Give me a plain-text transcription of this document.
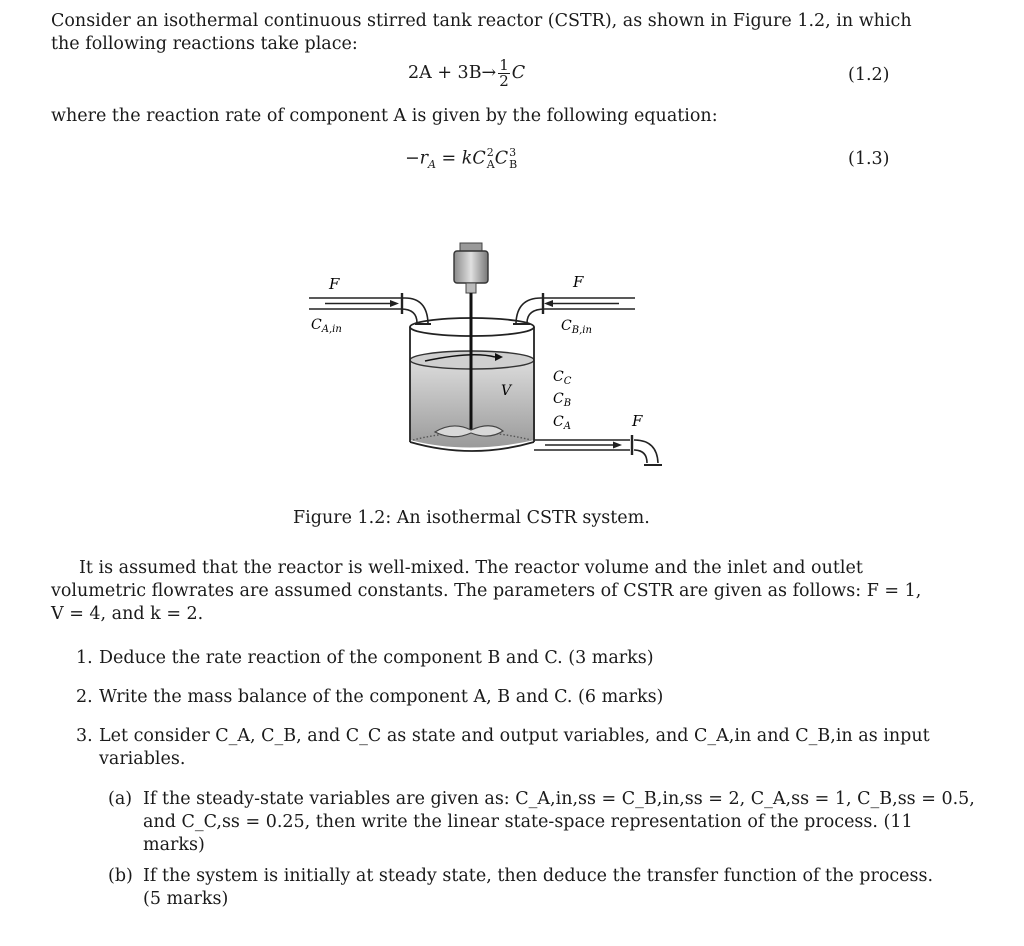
Consider an isothermal continuous stirred tank reactor (CSTR), as shown in Figure 1.2, in which
the following reactions take place:
$2A + 3B\to \frac{1}{2}$ C	(1.2)
where the reaction rate of component A is given by the following equation:
$-r_A$ = kC 2
A C 3
B	(1.3)
F
$C_{A,in}$
F
$C_{B,in}$
$C_C$
$C_B$
$C_A$
V
F
Figure 1.2: An isothermal CSTR system.
It is assumed that the reactor is well-mixed. The reactor volume and the inlet and outlet
volumetric flowrates are assumed constants. The parameters of CSTR are given as follows: F = 1,
V = 4, and k = 2.
1. Deduce the rate reaction of the component B and C. (3 marks)
2. Write the mass balance of the component A, B and C. (6 marks)
3. Let consider C_A, C_B, and C_C as state and output variables, and C_A,in and C_B,in as input
variables.
(a) If the steady-state variables are given as: C_A,in,ss = C_B,in,ss = 2, C_A,ss = 1, C_B,ss = 0.5,
and C_C,ss = 0.25, then write the linear state-space representation of the process. (11
marks)
(b) If the system is initially at steady state, then deduce the transfer function of the process.
(5 marks)
